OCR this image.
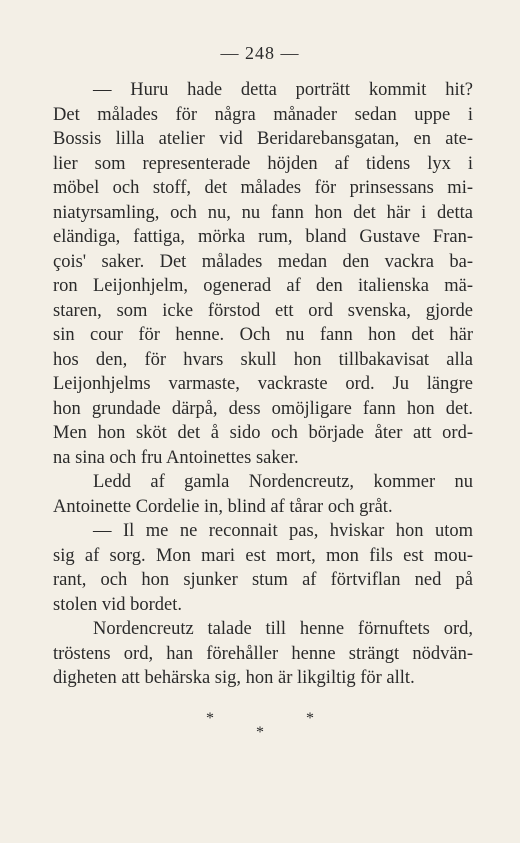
— 248 —
— Huru hade detta porträtt kommit hit?
Det målades för några månader sedan uppe i
Bossis lilla atelier vid Beridarebansgatan, en ate-
lier som representerade höjden af tidens lyx i
möbel och stoff, det målades för prinsessans mi-
niatyrsamling, och nu, nu fann hon det här i detta
eländiga, fattiga, mörka rum, bland Gustave Fran-
çois' saker. Det målades medan den vackra ba-
ron Leijonhjelm, ogenerad af den italienska mä-
staren, som icke förstod ett ord svenska, gjorde
sin cour för henne. Och nu fann hon det här
hos den, för hvars skull hon tillbakavisat alla
Leijonhjelms varmaste, vackraste ord. Ju längre
hon grundade därpå, dess omöjligare fann hon det.
Men hon sköt det å sido och började åter att ord-
na sina och fru Antoinettes saker.
Ledd af gamla Nordencreutz, kommer nu
Antoinette Cordelie in, blind af tårar och gråt.
— Il me ne reconnait pas, hviskar hon utom
sig af sorg. Mon mari est mort, mon fils est mou-
rant, och hon sjunker stum af förtviflan ned på
stolen vid bordet.
Nordencreutz talade till henne förnuftets ord,
tröstens ord, han förehåller henne strängt nödvän-
digheten att behärska sig, hon är likgiltig för allt.
*	*
*
